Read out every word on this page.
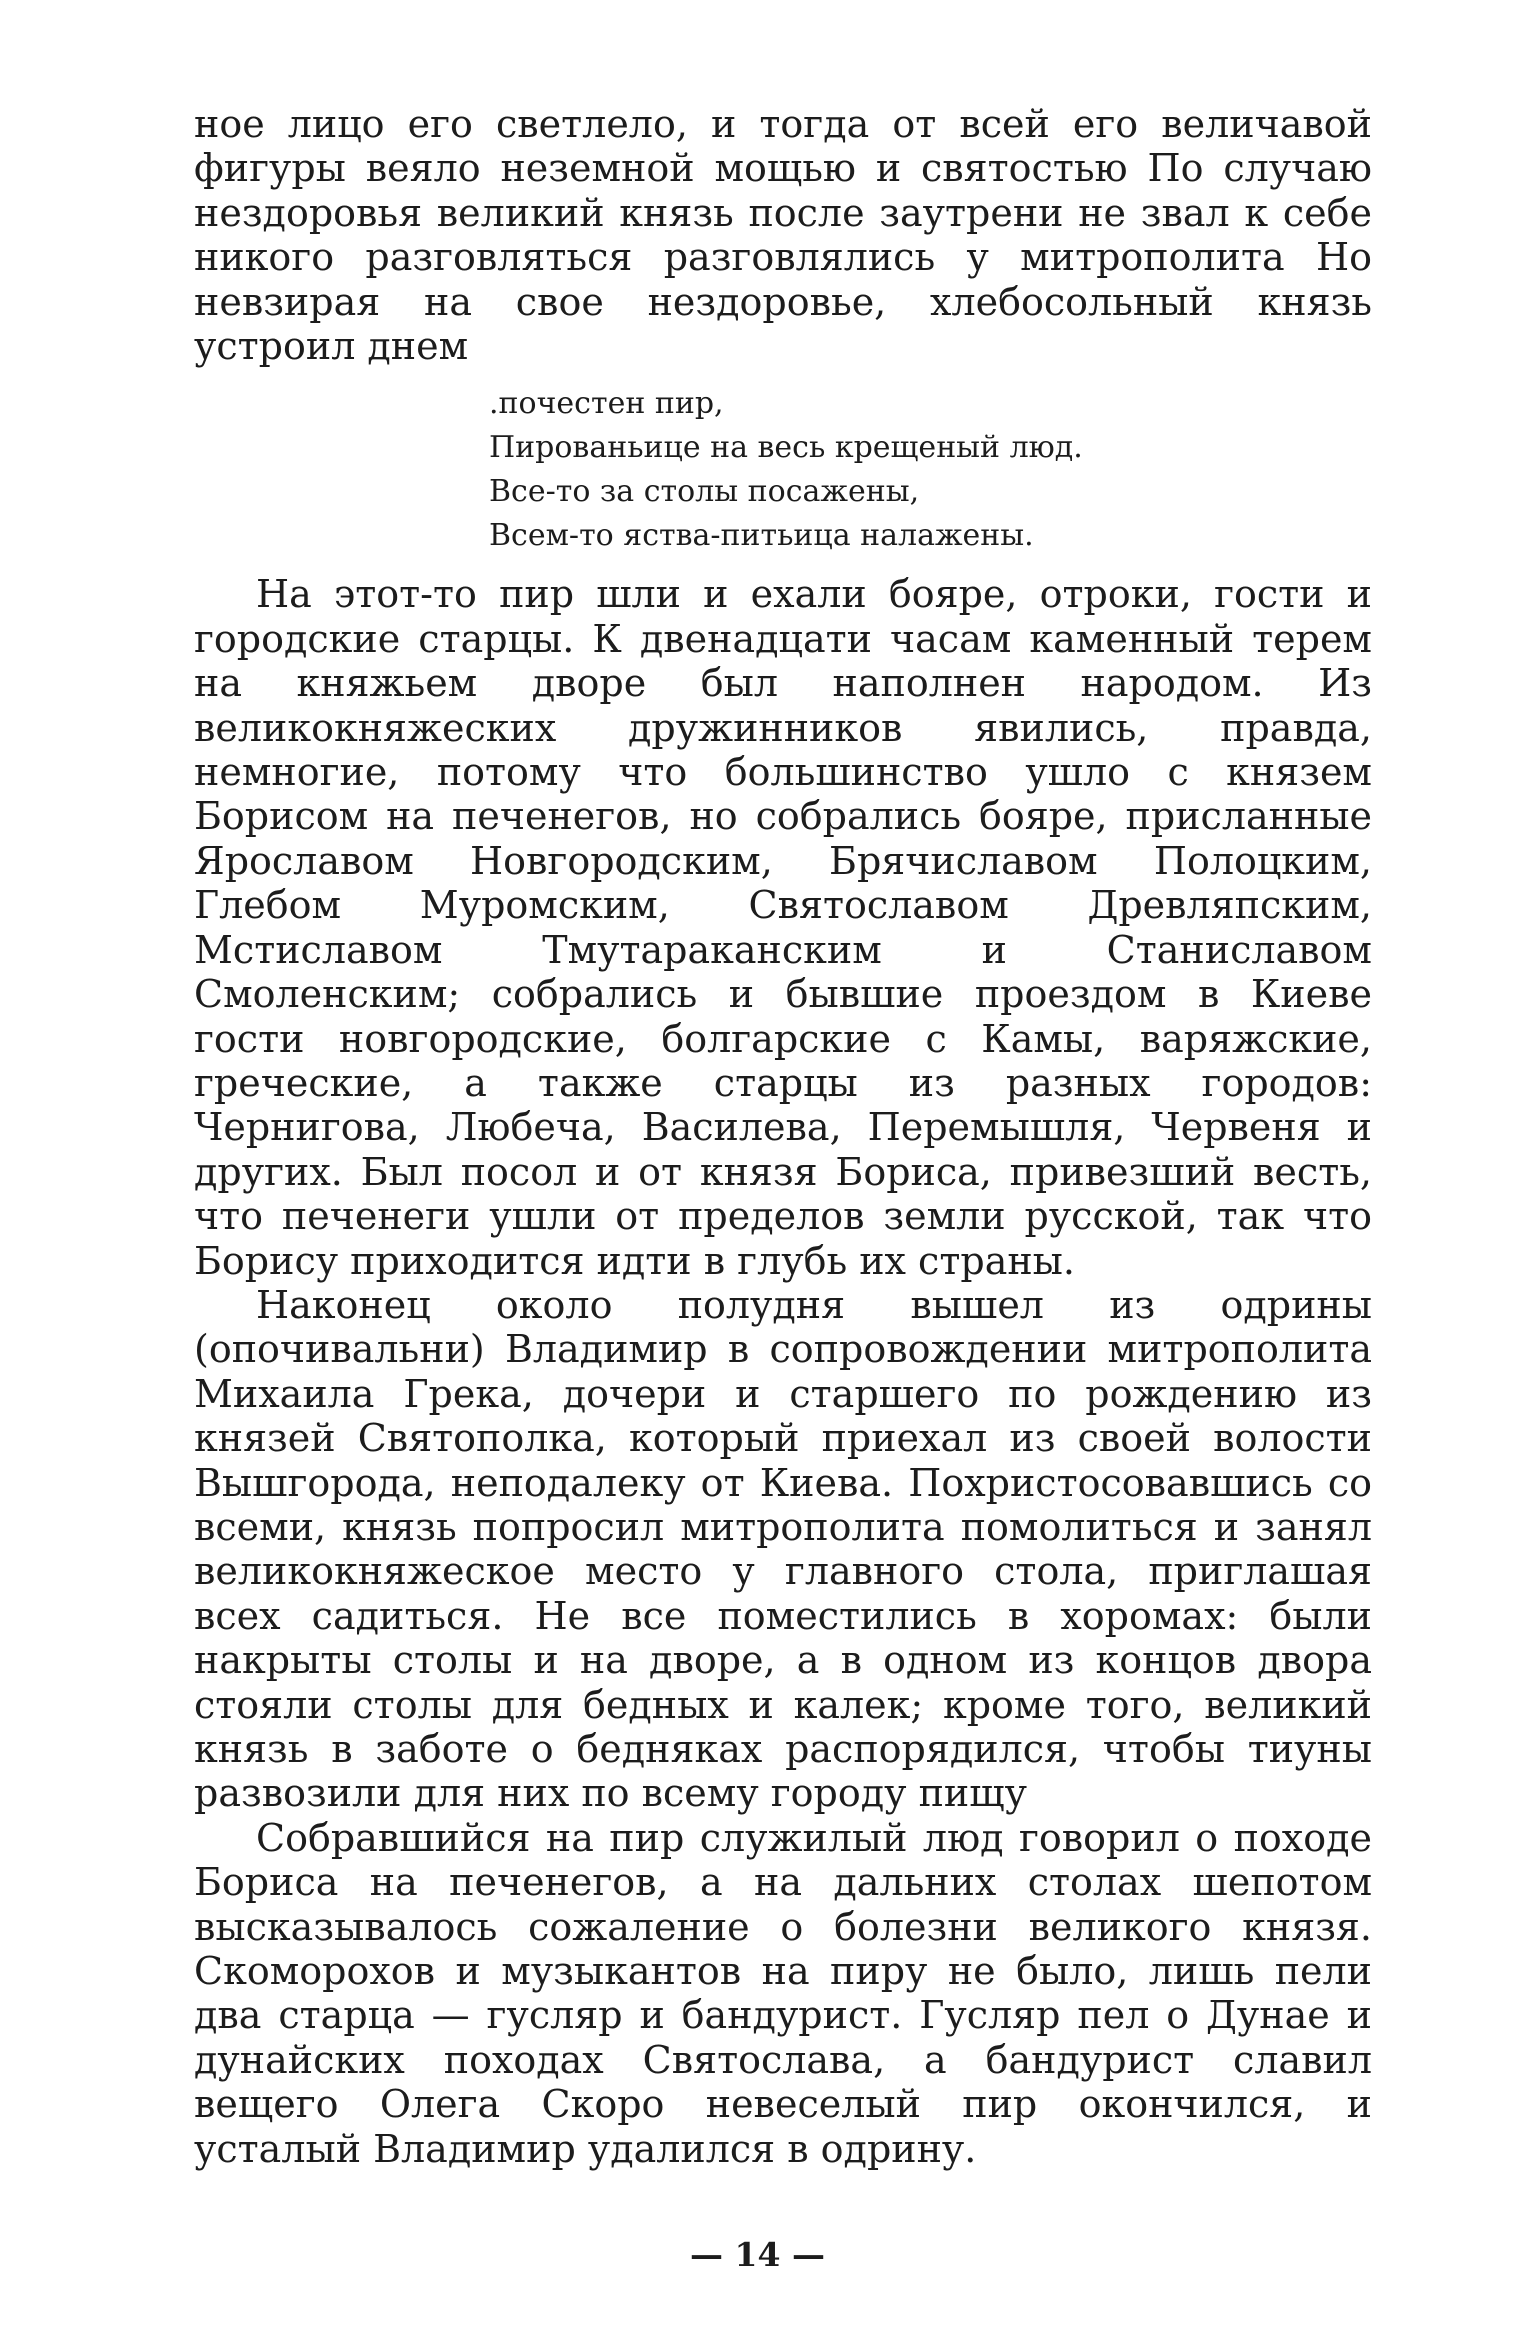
ное лицо его светлело, и тогда от всей его величавой фигуры веяло неземной мощью и святостью По случаю нездоровья великий князь после заутрени не звал к себе никого разговляться разговлялись у митрополита Но невзирая на свое нездоровье, хлебосольный князь устроил днем

.почестен пир,
Пированьице на весь крещеный люд.
Все-то за столы посажены,
Всем-то яства-питьица налажены.

На этот-то пир шли и ехали бояре, отроки, гости и городские старцы. К двенадцати часам каменный терем на княжьем дворе был наполнен народом. Из великокняжеских дружинников явились, правда, немногие, потому что большинство ушло с князем Борисом на печенегов, но собрались бояре, присланные Ярославом Новгородским, Брячиславом Полоцким, Глебом Муромским, Святославом Древляпским, Мстиславом Тмутараканским и Станиславом Смоленским; собрались и бывшие проездом в Киеве гости новгородские, болгарские с Камы, варяжские, греческие, а также старцы из разных городов: Чернигова, Любеча, Василева, Перемышля, Червеня и других. Был посол и от князя Бориса, привезший весть, что печенеги ушли от пределов земли русской, так что Борису приходится идти в глубь их страны.

Наконец около полудня вышел из одрины (опочивальни) Владимир в сопровождении митрополита Михаила Грека, дочери и старшего по рождению из князей Святополка, который приехал из своей волости Вышгорода, неподалеку от Киева. Похристосовавшись со всеми, князь попросил митрополита помолиться и занял великокняжеское место у главного стола, приглашая всех садиться. Не все поместились в хоромах: были накрыты столы и на дворе, а в одном из концов двора стояли столы для бедных и калек; кроме того, великий князь в заботе о бедняках распорядился, чтобы тиуны развозили для них по всему городу пищу

Собравшийся на пир служилый люд говорил о походе Бориса на печенегов, а на дальних столах шепотом высказывалось сожаление о болезни великого князя. Скоморохов и музыкантов на пиру не было, лишь пели два старца — гусляр и бандурист. Гусляр пел о Дунае и дунайских походах Святослава, а бандурист славил вещего Олега Скоро невеселый пир окончился, и усталый Владимир удалился в одрину.

— 14 —
